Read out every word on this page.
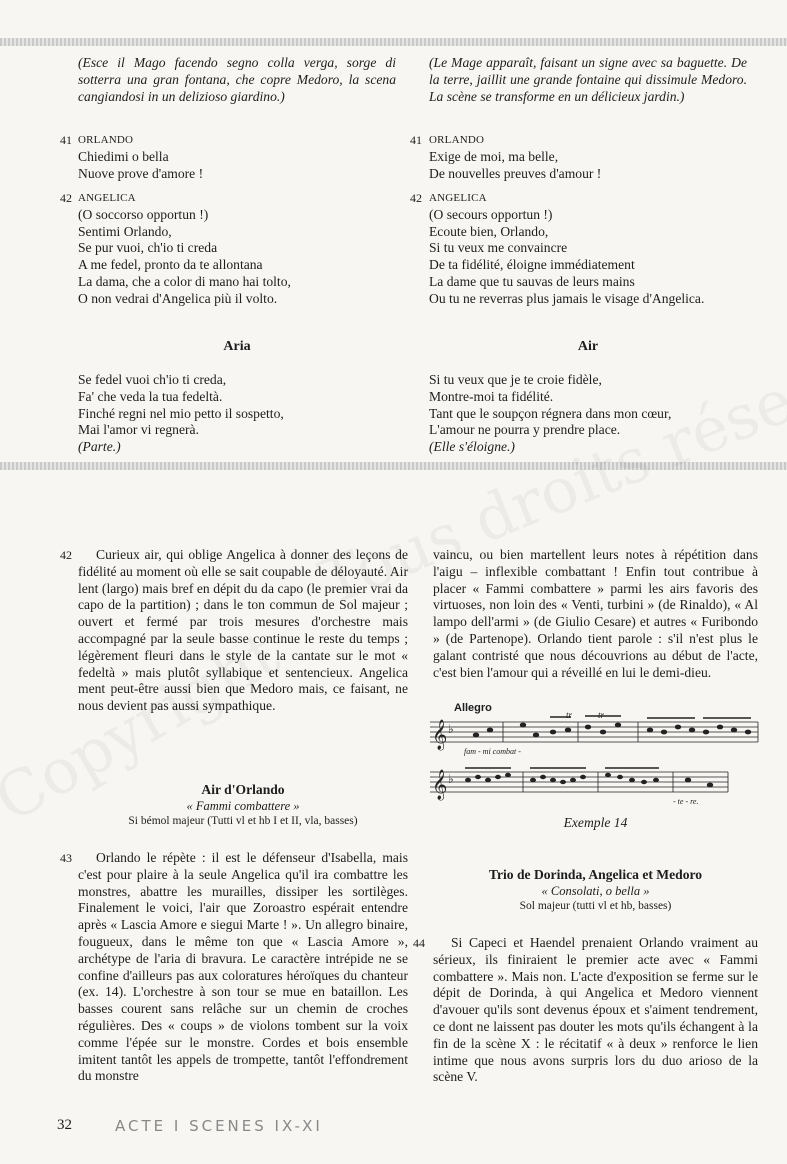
(Esce il Mago facendo segno colla verga, sorge di sotterra una gran fontana, che copre Medoro, la scena cangiandosi in un delizioso giardino.)
41 ORLANDO
Chiedimi o bella
Nuove prove d'amore !
42 ANGELICA
(O soccorso opportun !)
Sentimi Orlando,
Se pur vuoi, ch'io ti creda
A me fedel, pronto da te allontana
La dama, che a color di mano hai tolto,
O non vedrai d'Angelica più il volto.
Aria
Se fedel vuoi ch'io ti creda,
Fa' che veda la tua fedeltà.
Finché regni nel mio petto il sospetto,
Mai l'amor vi regnerà.
(Parte.)
(Le Mage apparaît, faisant un signe avec sa baguette. De la terre, jaillit une grande fontaine qui dissimule Medoro. La scène se transforme en un délicieux jardin.)
41 ORLANDO
Exige de moi, ma belle,
De nouvelles preuves d'amour !
42 ANGELICA
(O secours opportun !)
Ecoute bien, Orlando,
Si tu veux me convaincre
De ta fidélité, éloigne immédiatement
La dame que tu sauvas de leurs mains
Ou tu ne reverras plus jamais le visage d'Angelica.
Air
Si tu veux que je te croie fidèle,
Montre-moi ta fidélité.
Tant que le soupçon régnera dans mon cœur,
L'amour ne pourra y prendre place.
(Elle s'éloigne.)
42	Curieux air, qui oblige Angelica à donner des leçons de fidélité au moment où elle se sait coupable de déloyauté. Air lent (largo) mais bref en dépit du da capo (le premier vrai da capo de la partition) ; dans le ton commun de Sol majeur ; ouvert et fermé par trois mesures d'orchestre mais accompagné par la seule basse continue le reste du temps ; légèrement fleuri dans le style de la cantate sur le mot « fedeltà » mais plutôt syllabique et sentencieux. Angelica ment peut-être aussi bien que Medoro mais, ce faisant, ne nous devient pas aussi sympathique.
Air d'Orlando
« Fammi combattere »
Si bémol majeur (Tutti vl et hb I et II, vla, basses)
43	Orlando le répète : il est le défenseur d'Isabella, mais c'est pour plaire à la seule Angelica qu'il ira combattre les monstres, abattre les murailles, dissiper les sortilèges. Finalement le voici, l'air que Zoroastro espérait entendre après « Lascia Amore e siegui Marte ! ». Un allegro binaire, fougueux, dans le même ton que « Lascia Amore », archétype de l'aria di bravura. Le caractère intrépide ne se confine d'ailleurs pas aux coloratures héroïques du chanteur (ex. 14). L'orchestre à son tour se mue en bataillon. Les basses courent sans relâche sur un chemin de croches régulières. Des « coups » de violons tombent sur la voix comme l'épée sur le monstre. Cordes et bois ensemble imitent tantôt les appels de trompette, tantôt l'effondrement du monstre
vaincu, ou bien martellent leurs notes à répétition dans l'aigu – inflexible combattant ! Enfin tout contribue à placer « Fammi combattere » parmi les airs favoris des virtuoses, non loin des « Venti, turbini » (de Rinaldo), « Al lampo dell'armi » (de Giulio Cesare) et autres « Furibondo » (de Partenope). Orlando tient parole : s'il n'est plus le galant contristé que nous découvrions au début de l'acte, c'est bien l'amour qui a réveillé en lui le demi-dieu.
Allegro
𝄞
𝄞
♭
♭
tr	tr
fam - mi combat -
- te - re.
Exemple 14
Trio de Dorinda, Angelica et Medoro
« Consolati, o bella »
Sol majeur (tutti vl et hb, basses)
44	Si Capeci et Haendel prenaient Orlando vraiment au sérieux, ils finiraient le premier acte avec « Fammi combattere ». Mais non. L'acte d'exposition se ferme sur le dépit de Dorinda, à qui Angelica et Medoro viennent d'avouer qu'ils sont devenus époux et s'aiment tendrement, ce dont ne laissent pas douter les mots qu'ils échangent à la fin de la scène X : le récitatif « à deux » renforce le lien intime que nous avons surpris lors du duo arioso de la scène V.
32	ACTE I SCENES IX-XI
